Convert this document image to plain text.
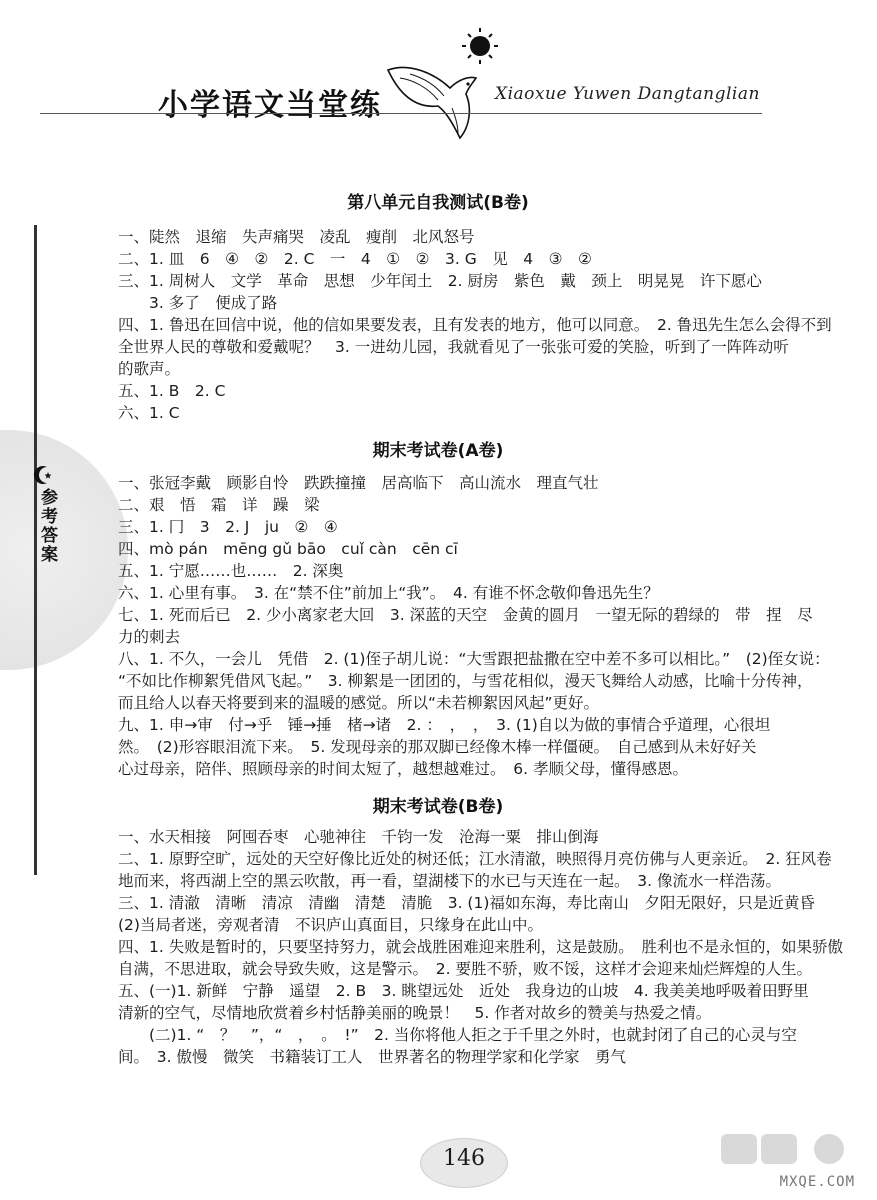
小学语文当堂练	Xiaoxue Yuwen Dangtanglian
参考答案
第八单元自我测试(B卷)
一、陡然　退缩　失声痛哭　凌乱　瘦削　北风怒号
二、1. 皿　6　④　②　2. C　一　4　①　②　3. G　见　4　③　②
三、1. 周树人　文学　革命　思想　少年闰土　2. 厨房　紫色　戴　颈上　明晃晃　许下愿心
　　3. 多了　便成了路
四、1. 鲁迅在回信中说，他的信如果要发表，且有发表的地方，他可以同意。　2. 鲁迅先生怎么会得不到
全世界人民的尊敬和爱戴呢？　3. 一进幼儿园，我就看见了一张张可爱的笑脸，听到了一阵阵动听
的歌声。
五、1. B　2. C
六、1. C
期末考试卷(A卷)
一、张冠李戴　顾影自怜　跌跌撞撞　居高临下　高山流水　理直气壮
二、艰　悟　霜　详　躁　梁
三、1. 冂　3　2. J　ju　②　④
四、mò pán　mēng gǔ bāo　cuǐ càn　cēn cī
五、1. 宁愿……也……　2. 深奥
六、1. 心里有事。　3. 在“禁不住”前加上“我”。　4. 有谁不怀念敬仰鲁迅先生？
七、1. 死而后已　2. 少小离家老大回　3. 深蓝的天空　金黄的圆月　一望无际的碧绿的　带　捏　尽
力的刺去
八、1. 不久，一会儿　凭借　2. (1)侄子胡儿说：“大雪跟把盐撒在空中差不多可以相比。”　(2)侄女说：
“不如比作柳絮凭借风飞起。”　3. 柳絮是一团团的，与雪花相似，漫天飞舞给人动感，比喻十分传神，
而且给人以春天将要到来的温暖的感觉。所以“未若柳絮因风起”更好。
九、1. 申→审　付→乎　锤→捶　楮→诸　2. ：　，　，　3. (1)自以为做的事情合乎道理，心很坦
然。　(2)形容眼泪流下来。　5. 发现母亲的那双脚已经像木棒一样僵硬。　自己感到从未好好关
心过母亲，陪伴、照顾母亲的时间太短了，越想越难过。　6. 孝顺父母，懂得感恩。
期末考试卷(B卷)
一、水天相接　阿囤吞枣　心驰神往　千钧一发　沧海一粟　排山倒海
二、1. 原野空旷，远处的天空好像比近处的树还低；江水清澈，映照得月亮仿佛与人更亲近。　2. 狂风卷
地而来，将西湖上空的黑云吹散，再一看，望湖楼下的水已与天连在一起。　3. 像流水一样浩荡。
三、1. 清澈　清晰　清凉　清幽　清楚　清脆　3. (1)福如东海，寿比南山　夕阳无限好，只是近黄昏
(2)当局者迷，旁观者清　不识庐山真面目，只缘身在此山中。
四、1. 失败是暂时的，只要坚持努力，就会战胜困难迎来胜利，这是鼓励。　胜利也不是永恒的，如果骄傲
自满，不思进取，就会导致失败，这是警示。　2. 要胜不骄，败不馁，这样才会迎来灿烂辉煌的人生。
五、(一)1. 新鲜　宁静　遥望　2. B　3. 眺望远处　近处　我身边的山坡　4. 我美美地呼吸着田野里
清新的空气，尽情地欣赏着乡村恬静美丽的晚景！　5. 作者对故乡的赞美与热爱之情。
　　(二)1. “　？　”，“　，　。　!”　2. 当你将他人拒之于千里之外时，也就封闭了自己的心灵与空
间。　3. 傲慢　微笑　书籍装订工人　世界著名的物理学家和化学家　勇气
146
MXQE.COM
